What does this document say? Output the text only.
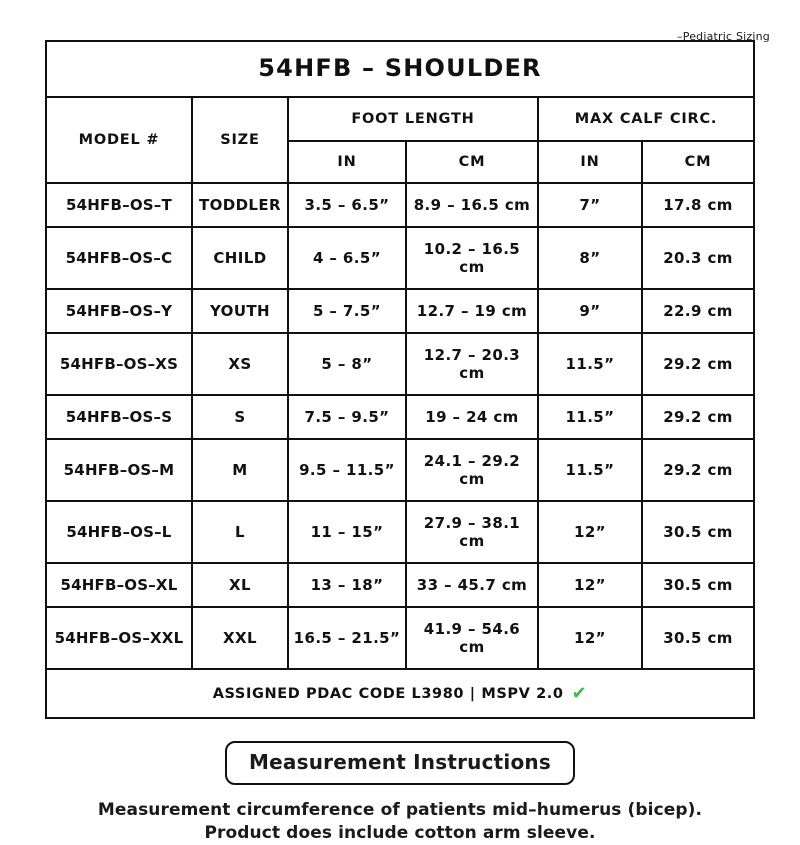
–Pediatric Sizing
54HFB – SHOULDER					
MODEL #	SIZE	FOOT LENGTH		MAX CALF CIRC.	
		IN	CM	IN	CM
54HFB–OS–T	TODDLER	3.5 – 6.5”	8.9 – 16.5 cm	7”	17.8 cm
54HFB–OS–C	CHILD	4 – 6.5”	10.2 – 16.5 cm	8”	20.3 cm
54HFB–OS–Y	YOUTH	5 – 7.5”	12.7 – 19 cm	9”	22.9 cm
54HFB–OS–XS	XS	5 – 8”	12.7 – 20.3 cm	11.5”	29.2 cm
54HFB–OS–S	S	7.5 – 9.5”	19 – 24 cm	11.5”	29.2 cm
54HFB–OS–M	M	9.5 – 11.5”	24.1 – 29.2 cm	11.5”	29.2 cm
54HFB–OS–L	L	11 – 15”	27.9 – 38.1 cm	12”	30.5 cm
54HFB–OS–XL	XL	13 – 18”	33 – 45.7 cm	12”	30.5 cm
54HFB–OS–XXL	XXL	16.5 – 21.5”	41.9 – 54.6 cm	12”	30.5 cm
ASSIGNED PDAC CODE L3980 | MSPV 2.0 ✔					
Measurement Instructions
Measurement circumference of patients mid–humerus (bicep).
Product does include cotton arm sleeve.
